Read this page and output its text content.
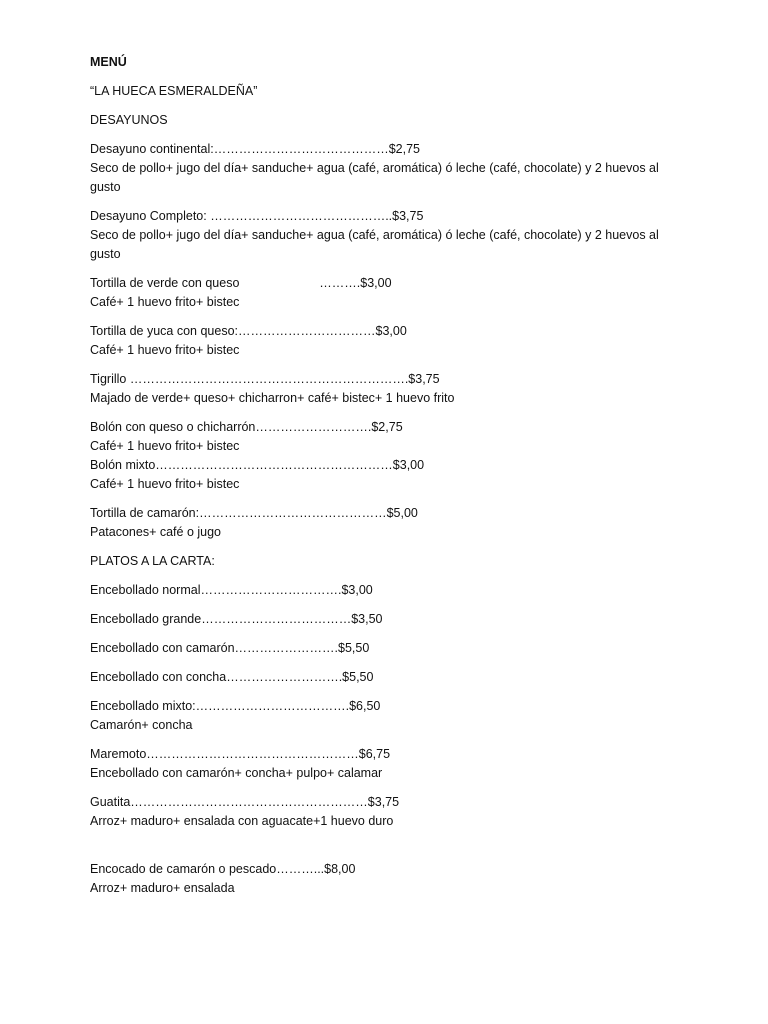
MENÚ
“LA HUECA ESMERALDEÑA”
DESAYUNOS
Desayuno continental:……………………………………$2,75
Seco de pollo+ jugo del día+ sanduche+ agua (café, aromática) ó leche (café, chocolate) y 2 huevos al gusto
Desayuno Completo: ……………………………………..$3,75
Seco de pollo+ jugo del día+ sanduche+ agua (café, aromática) ó leche (café, chocolate) y 2 huevos al gusto
Tortilla de verde con queso                       ……….$3,00
Café+ 1 huevo frito+ bistec
Tortilla de yuca con queso:……………………………$3,00
Café+ 1 huevo frito+ bistec
Tigrillo ………………………………………………………….$3,75
Majado de verde+ queso+ chicharron+ café+ bistec+ 1 huevo frito
Bolón con queso o chicharrón……………………….$2,75
Café+ 1 huevo frito+ bistec
Bolón mixto…………………………………………………$3,00
Café+ 1 huevo frito+ bistec
Tortilla de camarón:………………………………………$5,00
Patacones+ café o jugo
PLATOS A LA CARTA:
Encebollado normal…………………………….$3,00
Encebollado grande………………………………$3,50
Encebollado con camarón…………………….$5,50
Encebollado con concha……………………….$5,50
Encebollado mixto:……………………………….$6,50
Camarón+ concha
Maremoto……………………………………………$6,75
Encebollado con camarón+ concha+ pulpo+ calamar
Guatita…………………………………………………$3,75
Arroz+ maduro+ ensalada con aguacate+1 huevo duro
Encocado de camarón o pescado………...$8,00
Arroz+ maduro+ ensalada
